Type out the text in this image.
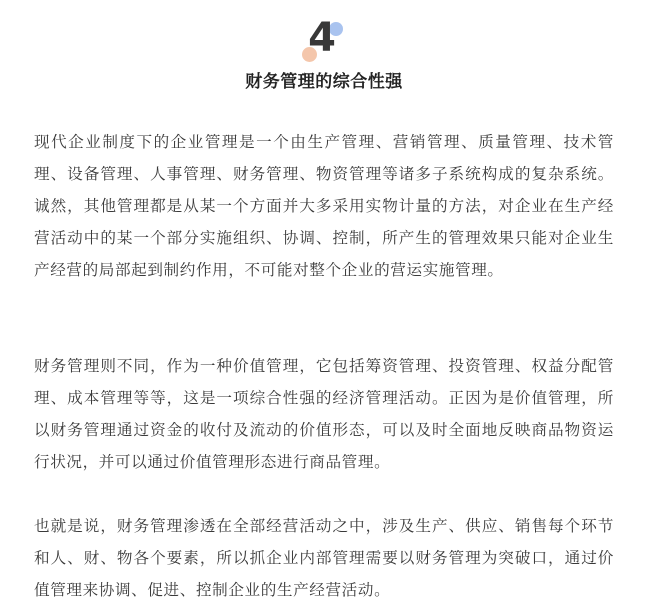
4
财务管理的综合性强

现代企业制度下的企业管理是一个由生产管理、营销管理、质量管理、技术管理、设备管理、人事管理、财务管理、物资管理等诸多子系统构成的复杂系统。诚然，其他管理都是从某一个方面并大多采用实物计量的方法，对企业在生产经营活动中的某一个部分实施组织、协调、控制，所产生的管理效果只能对企业生产经营的局部起到制约作用，不可能对整个企业的营运实施管理。

财务管理则不同，作为一种价值管理，它包括筹资管理、投资管理、权益分配管理、成本管理等等，这是一项综合性强的经济管理活动。正因为是价值管理，所以财务管理通过资金的收付及流动的价值形态，可以及时全面地反映商品物资运行状况，并可以通过价值管理形态进行商品管理。

也就是说，财务管理渗透在全部经营活动之中，涉及生产、供应、销售每个环节和人、财、物各个要素，所以抓企业内部管理需要以财务管理为突破口，通过价值管理来协调、促进、控制企业的生产经营活动。
